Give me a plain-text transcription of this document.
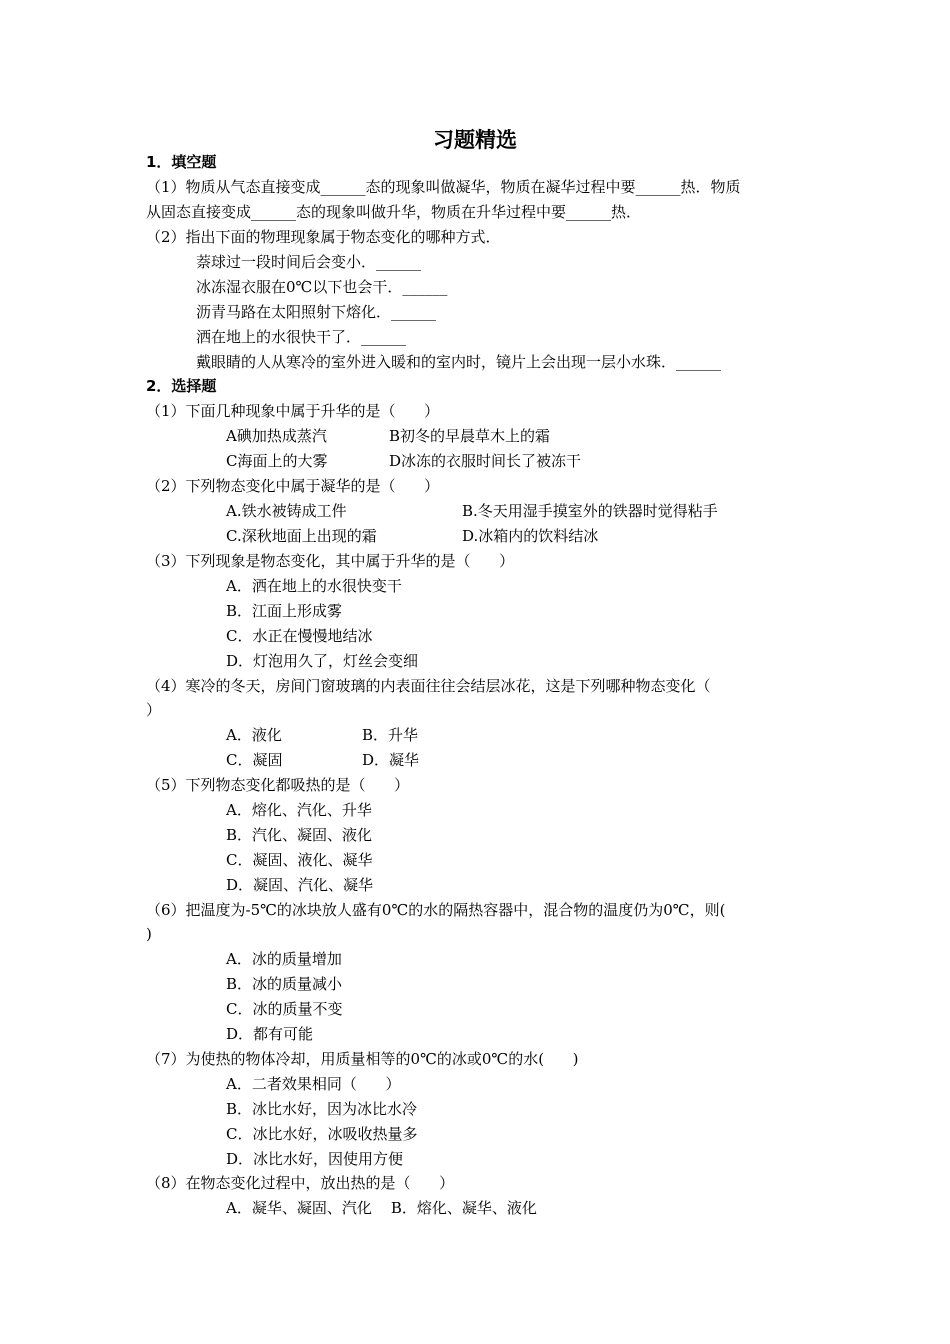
习题精选
1．填空题
（1）物质从气态直接变成______态的现象叫做凝华，物质在凝华过程中要______热．物质
从固态直接变成______态的现象叫做升华，物质在升华过程中要______热．
（2）指出下面的物理现象属于物态变化的哪种方式．
萘球过一段时间后会变小．______
冰冻湿衣服在0℃以下也会干．______
沥青马路在太阳照射下熔化．______
洒在地上的水很快干了．______
戴眼睛的人从寒冷的室外进入暖和的室内时，镜片上会出现一层小水珠．______
2．选择题
（1）下面几种现象中属于升华的是（      ）
A碘加热成蒸汽	B初冬的早晨草木上的霜
C海面上的大雾	D冰冻的衣服时间长了被冻干
（2）下列物态变化中属于凝华的是（      ）
A.铁水被铸成工件	B.冬天用湿手摸室外的铁器时觉得粘手
C.深秋地面上出现的霜	D.冰箱内的饮料结冰
（3）下列现象是物态变化，其中属于升华的是（      ）
A．洒在地上的水很快变干
B．江面上形成雾
C．水正在慢慢地结冰
D．灯泡用久了，灯丝会变细
（4）寒冷的冬天，房间门窗玻璃的内表面往往会结层冰花，这是下列哪种物态变化（
）
A．液化	B．升华
C．凝固	D．凝华
（5）下列物态变化都吸热的是（      ）
A．熔化、汽化、升华
B．汽化、凝固、液化
C．凝固、液化、凝华
D．凝固、汽化、凝华
（6）把温度为-5℃的冰块放人盛有0℃的水的隔热容器中，混合物的温度仍为0℃，则(
)
A．冰的质量增加
B．冰的质量减小
C．冰的质量不变
D．都有可能
（7）为使热的物体冷却，用质量相等的0℃的冰或0℃的水(      )
A．二者效果相同（      ）
B．冰比水好，因为冰比水冷
C．冰比水好，冰吸收热量多
D．冰比水好，因使用方便
（8）在物态变化过程中，放出热的是（      ）
A．凝华、凝固、汽化    B．熔化、凝华、液化
